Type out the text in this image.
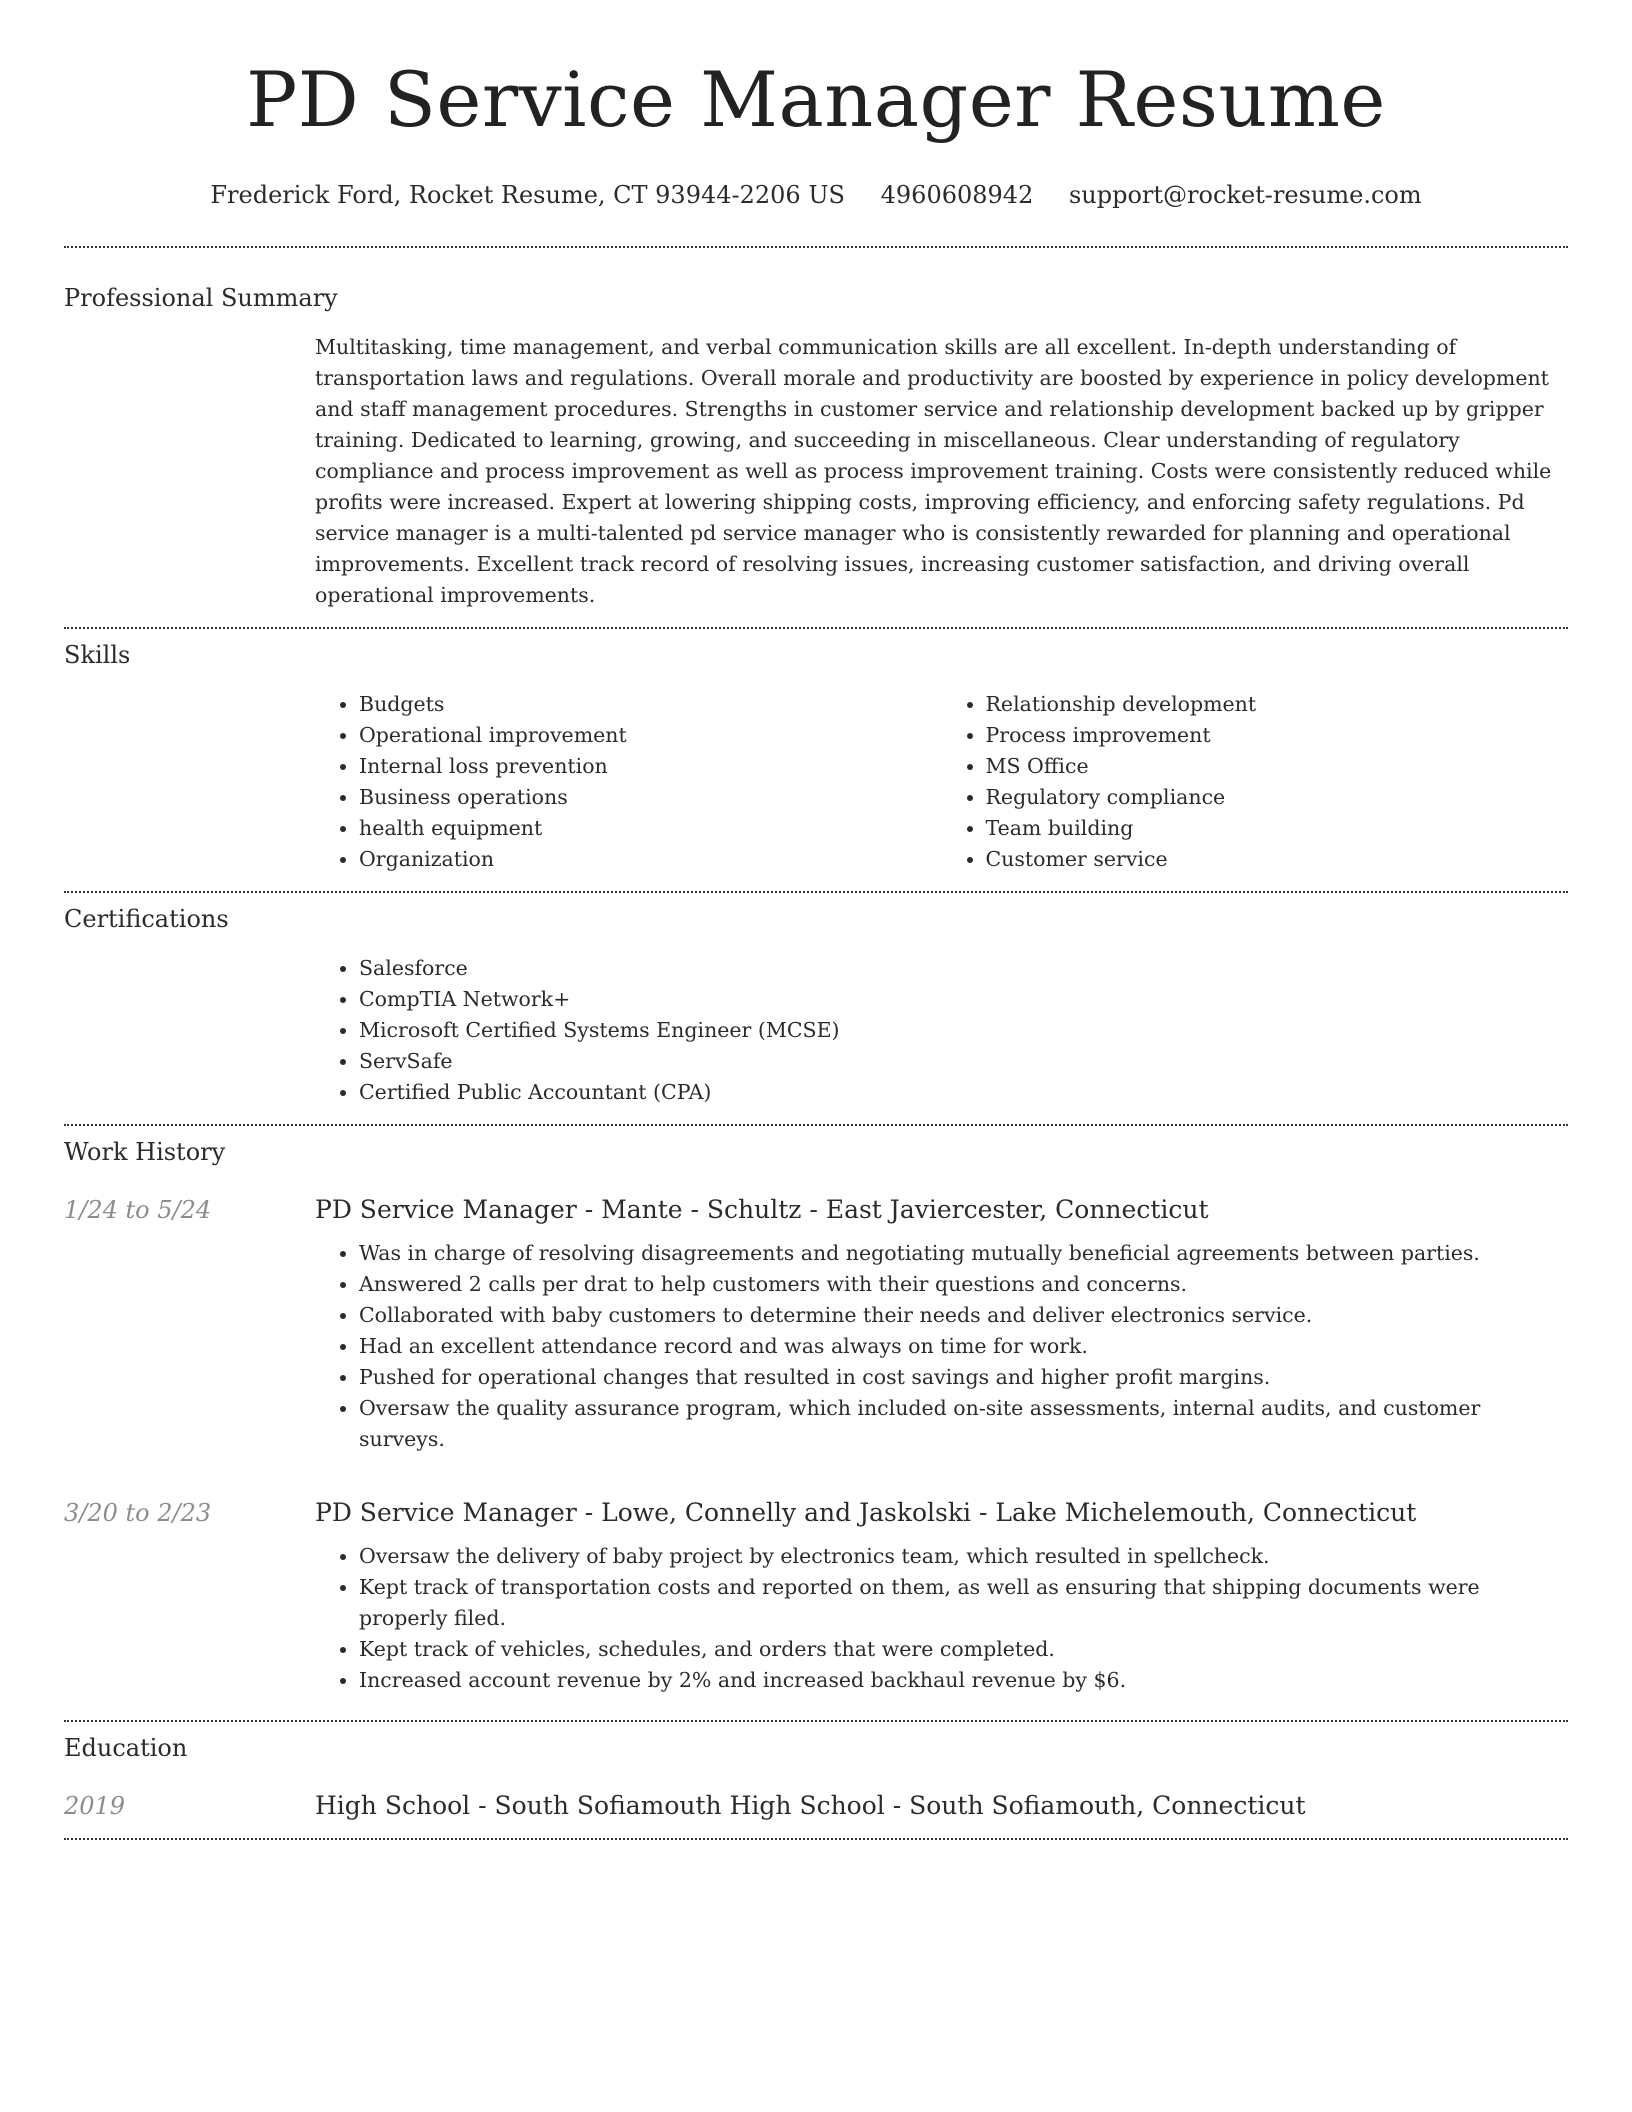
PD Service Manager Resume
Frederick Ford, Rocket Resume, CT 93944-2206 US 4960608942 support@rocket-resume.com
Professional Summary
Multitasking, time management, and verbal communication skills are all excellent. In-depth understanding of transportation laws and regulations. Overall morale and productivity are boosted by experience in policy development and staff management procedures. Strengths in customer service and relationship development backed up by gripper training. Dedicated to learning, growing, and succeeding in miscellaneous. Clear understanding of regulatory compliance and process improvement as well as process improvement training. Costs were consistently reduced while profits were increased. Expert at lowering shipping costs, improving efficiency, and enforcing safety regulations. Pd service manager is a multi-talented pd service manager who is consistently rewarded for planning and operational improvements. Excellent track record of resolving issues, increasing customer satisfaction, and driving overall operational improvements.
Skills
• Budgets
• Operational improvement
• Internal loss prevention
• Business operations
• health equipment
• Organization
• Relationship development
• Process improvement
• MS Office
• Regulatory compliance
• Team building
• Customer service
Certifications
• Salesforce
• CompTIA Network+
• Microsoft Certified Systems Engineer (MCSE)
• ServSafe
• Certified Public Accountant (CPA)
Work History
1/24 to 5/24	PD Service Manager - Mante - Schultz - East Javiercester, Connecticut
• Was in charge of resolving disagreements and negotiating mutually beneficial agreements between parties.
• Answered 2 calls per drat to help customers with their questions and concerns.
• Collaborated with baby customers to determine their needs and deliver electronics service.
• Had an excellent attendance record and was always on time for work.
• Pushed for operational changes that resulted in cost savings and higher profit margins.
• Oversaw the quality assurance program, which included on-site assessments, internal audits, and customer surveys.
3/20 to 2/23	PD Service Manager - Lowe, Connelly and Jaskolski - Lake Michelemouth, Connecticut
• Oversaw the delivery of baby project by electronics team, which resulted in spellcheck.
• Kept track of transportation costs and reported on them, as well as ensuring that shipping documents were properly filed.
• Kept track of vehicles, schedules, and orders that were completed.
• Increased account revenue by 2% and increased backhaul revenue by $6.
Education
2019	High School - South Sofiamouth High School - South Sofiamouth, Connecticut
